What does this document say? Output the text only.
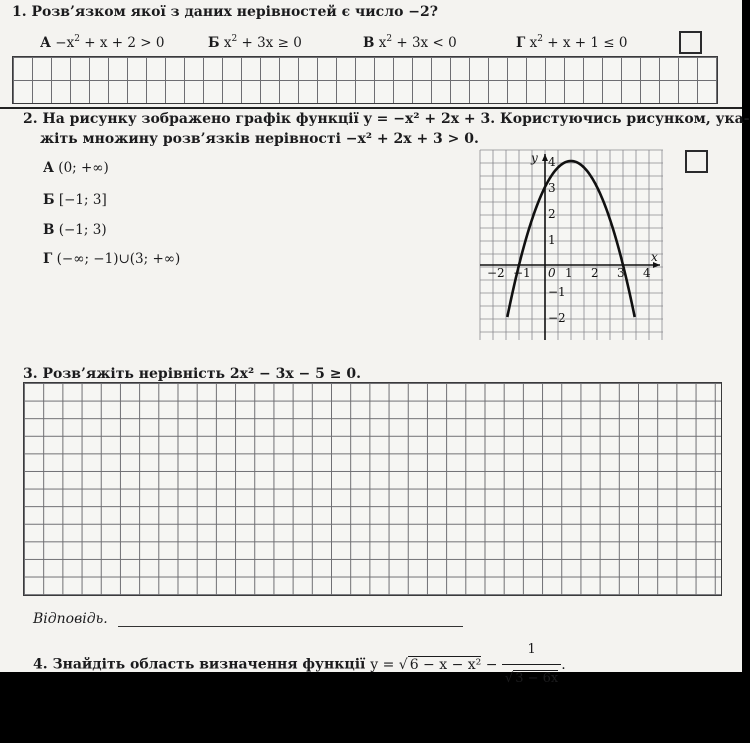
1. Розв’язком якої з даних нерівностей є число −2?
$А -x^2 + x + 2 > 0$	Б $x^2 + 3x \ge 0$	В $x^2 + 3x < 0$	Г $x^2 + x + 1 \le 0$
2. На рисунку зображено графік функції y = −x² + 2x + 3. Користуючись рисунком, ука-
жіть множину розв’язків нерівності −x² + 2x + 3 > 0.
А (0; +∞)
Б [−1; 3]
В (−1; 3)
Г (−∞; −1)∪(3; +∞)
−2 −1	1 2 3 4
4
3
2
1
−1
−2
0
x
y
3. Розв’яжіть нерівність 2x² − 3x − 5 ≥ 0.
Відповідь.
4. Знайдіть область визначення функції y = √ $6 - x - x^2 - \frac{1}{√ 3 - 6x}$ .
